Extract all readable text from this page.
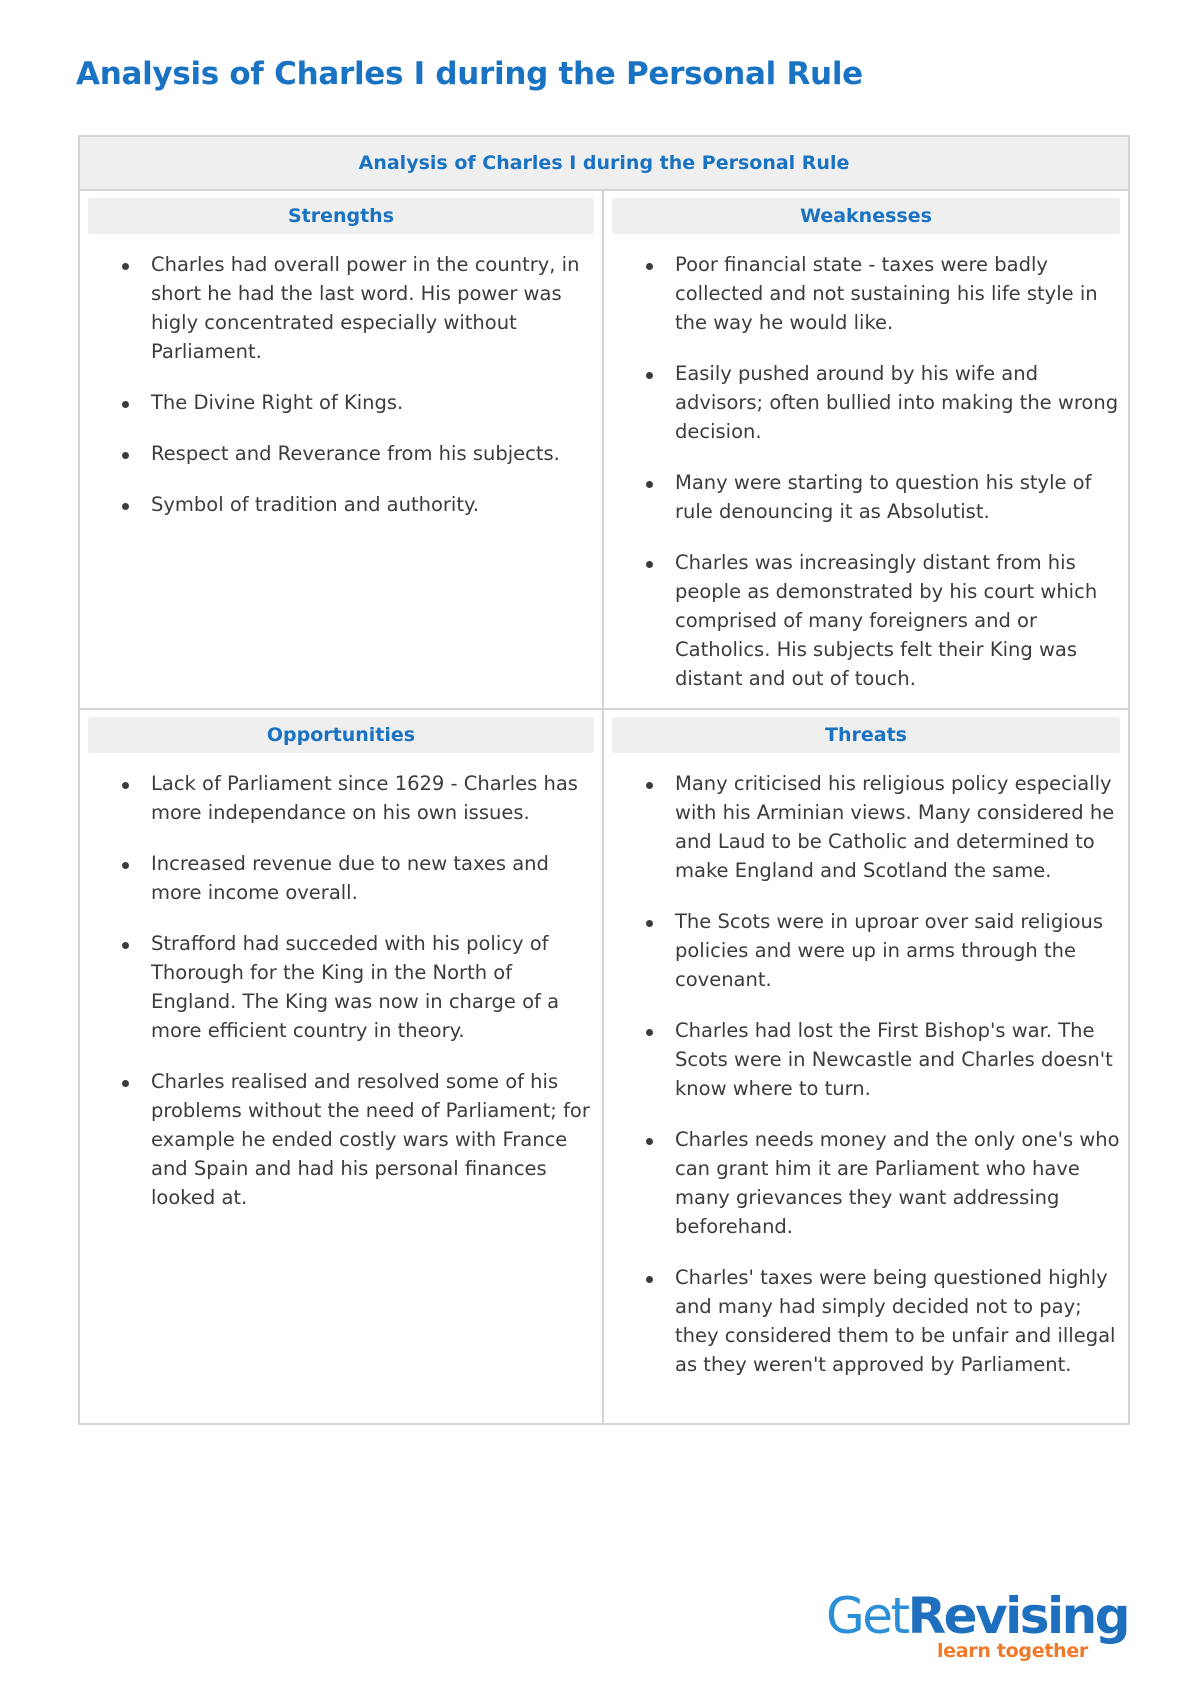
Analysis of Charles I during the Personal Rule
Analysis of Charles I during the Personal Rule
Strengths
Charles had overall power in the country, in short he had the last word. His power was higly concentrated especially without Parliament.
The Divine Right of Kings.
Respect and Reverance from his subjects.
Symbol of tradition and authority.
Weaknesses
Poor financial state - taxes were badly collected and not sustaining his life style in the way he would like.
Easily pushed around by his wife and advisors; often bullied into making the wrong decision.
Many were starting to question his style of rule denouncing it as Absolutist.
Charles was increasingly distant from his people as demonstrated by his court which comprised of many foreigners and or Catholics. His subjects felt their King was distant and out of touch.
Opportunities
Lack of Parliament since 1629 - Charles has more independance on his own issues.
Increased revenue due to new taxes and more income overall.
Strafford had succeded with his policy of Thorough for the King in the North of England. The King was now in charge of a more efficient country in theory.
Charles realised and resolved some of his problems without the need of Parliament; for example he ended costly wars with France and Spain and had his personal finances looked at.
Threats
Many criticised his religious policy especially with his Arminian views. Many considered he and Laud to be Catholic and determined to make England and Scotland the same.
The Scots were in uproar over said religious policies and were up in arms through the covenant.
Charles had lost the First Bishop's war. The Scots were in Newcastle and Charles doesn't know where to turn.
Charles needs money and the only one's who can grant him it are Parliament who have many grievances they want addressing beforehand.
Charles' taxes were being questioned highly and many had simply decided not to pay; they considered them to be unfair and illegal as they weren't approved by Parliament.
GetRevising
learn together
